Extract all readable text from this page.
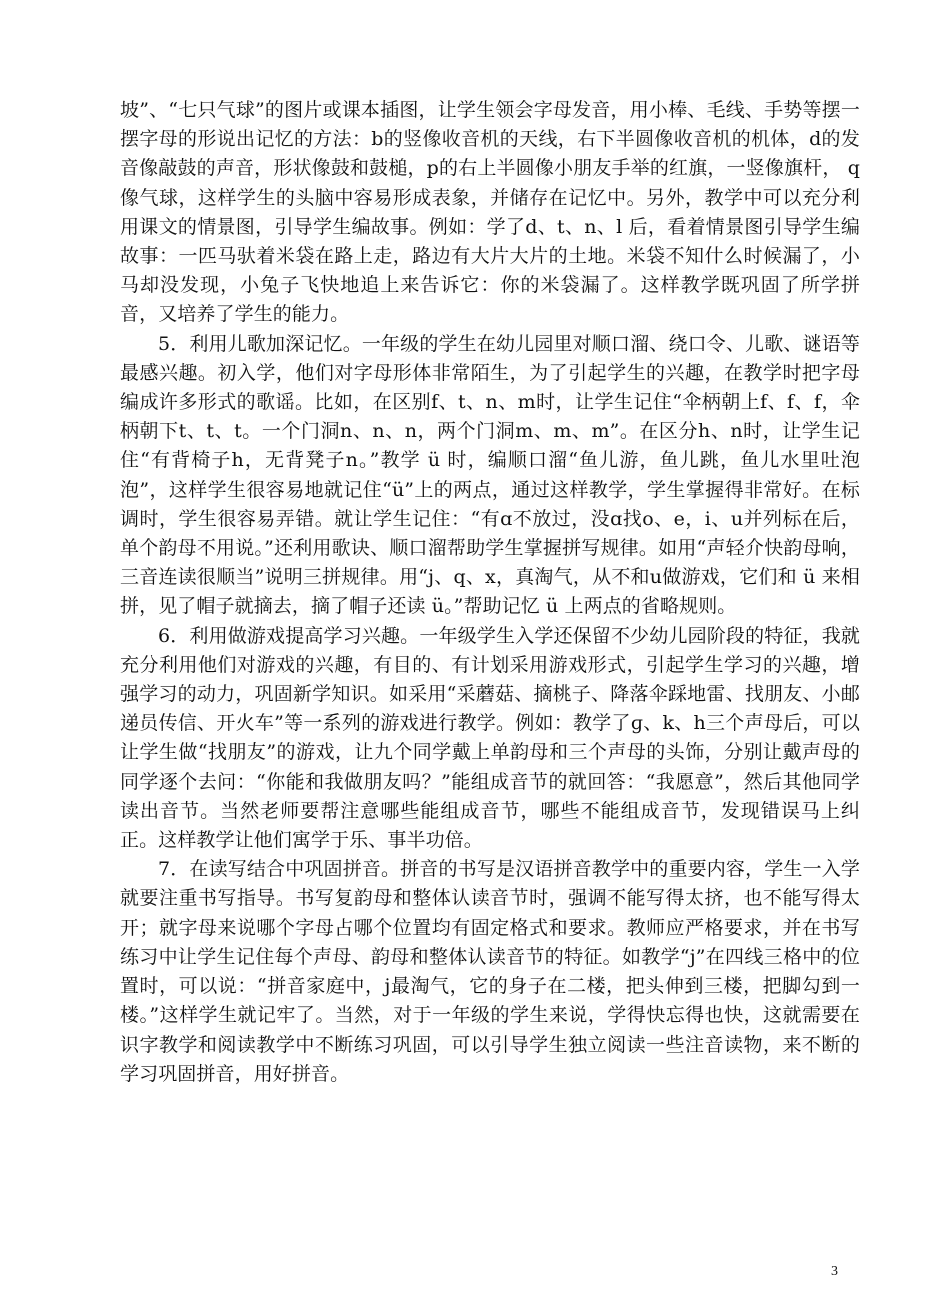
坡”、“七只气球”的图片或课本插图，让学生领会字母发音，用小棒、毛线、手势等摆一摆字母的形说出记忆的方法：b的竖像收音机的天线，右下半圆像收音机的机体，d的发音像敲鼓的声音，形状像鼓和鼓槌，p的右上半圆像小朋友手举的红旗，一竖像旗杆， q像气球，这样学生的头脑中容易形成表象，并储存在记忆中。另外，教学中可以充分利用课文的情景图，引导学生编故事。例如：学了d、t、n、l 后，看着情景图引导学生编故事：一匹马驮着米袋在路上走，路边有大片大片的土地。米袋不知什么时候漏了，小马却没发现，小兔子飞快地追上来告诉它：你的米袋漏了。这样教学既巩固了所学拼音，又培养了学生的能力。

5．利用儿歌加深记忆。一年级的学生在幼儿园里对顺口溜、绕口令、儿歌、谜语等最感兴趣。初入学，他们对字母形体非常陌生，为了引起学生的兴趣，在教学时把字母编成许多形式的歌谣。比如，在区别f、t、n、m时，让学生记住“伞柄朝上f、f、f，伞柄朝下t、t、t。一个门洞n、n、n，两个门洞m、m、m”。在区分h、n时，让学生记住“有背椅子h，无背凳子n。”教学 ü 时，编顺口溜“鱼儿游，鱼儿跳，鱼儿水里吐泡泡”，这样学生很容易地就记住“ü”上的两点，通过这样教学，学生掌握得非常好。在标调时，学生很容易弄错。就让学生记住：“有ɑ不放过，没ɑ找o、e，i、u并列标在后，单个韵母不用说。”还利用歌诀、顺口溜帮助学生掌握拼写规律。如用“声轻介快韵母响，三音连读很顺当”说明三拼规律。用“j、q、x，真淘气，从不和u做游戏，它们和 ü 来相拼，见了帽子就摘去，摘了帽子还读 ü。”帮助记忆 ü 上两点的省略规则。

6．利用做游戏提高学习兴趣。一年级学生入学还保留不少幼儿园阶段的特征，我就充分利用他们对游戏的兴趣，有目的、有计划采用游戏形式，引起学生学习的兴趣，增强学习的动力，巩固新学知识。如采用“采蘑菇、摘桃子、降落伞踩地雷、找朋友、小邮递员传信、开火车”等一系列的游戏进行教学。例如：教学了ɡ、k、h三个声母后，可以让学生做“找朋友”的游戏，让九个同学戴上单韵母和三个声母的头饰，分别让戴声母的同学逐个去问：“你能和我做朋友吗？”能组成音节的就回答：“我愿意”，然后其他同学读出音节。当然老师要帮注意哪些能组成音节，哪些不能组成音节，发现错误马上纠正。这样教学让他们寓学于乐、事半功倍。

7．在读写结合中巩固拼音。拼音的书写是汉语拼音教学中的重要内容，学生一入学就要注重书写指导。书写复韵母和整体认读音节时，强调不能写得太挤，也不能写得太开；就字母来说哪个字母占哪个位置均有固定格式和要求。教师应严格要求，并在书写练习中让学生记住每个声母、韵母和整体认读音节的特征。如教学“j”在四线三格中的位置时，可以说：“拼音家庭中，j最淘气，它的身子在二楼，把头伸到三楼，把脚勾到一楼。”这样学生就记牢了。当然，对于一年级的学生来说，学得快忘得也快，这就需要在识字教学和阅读教学中不断练习巩固，可以引导学生独立阅读一些注音读物，来不断的学习巩固拼音，用好拼音。

3
